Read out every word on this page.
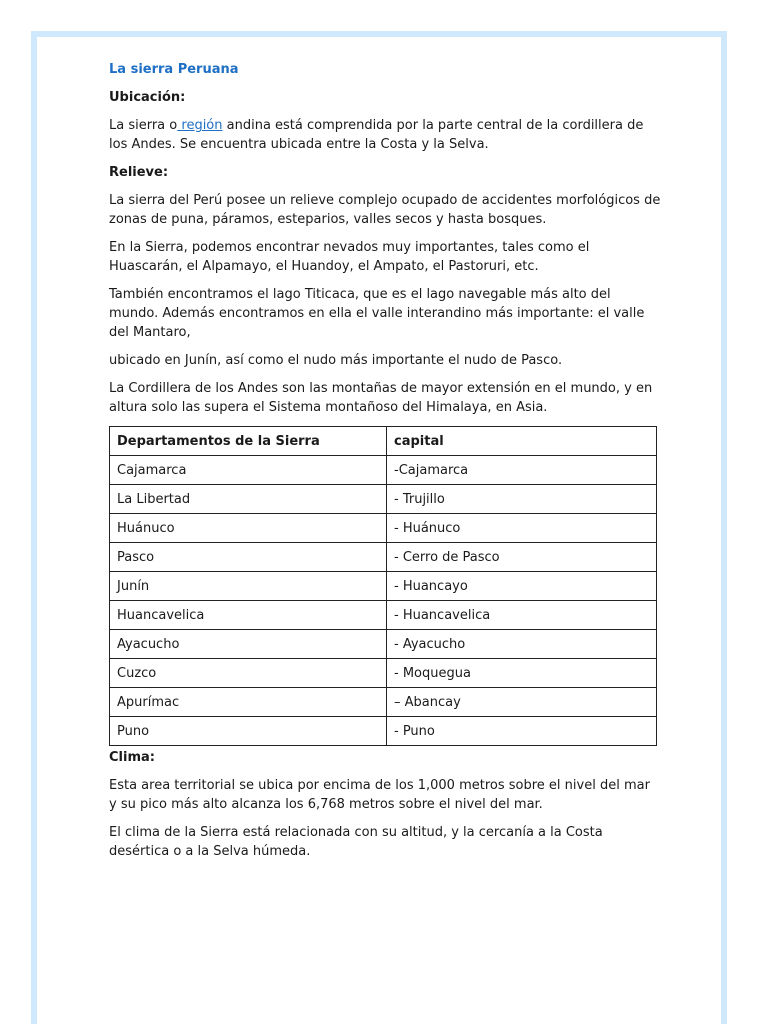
La sierra Peruana

Ubicación:

La sierra o región andina está comprendida por la parte central de la cordillera de los Andes. Se encuentra ubicada entre la Costa y la Selva.

Relieve:

La sierra del Perú posee un relieve complejo ocupado de accidentes morfológicos de zonas de puna, páramos, esteparios, valles secos y hasta bosques.

En la Sierra, podemos encontrar nevados muy importantes, tales como el Huascarán, el Alpamayo, el Huandoy, el Ampato, el Pastoruri, etc.

También encontramos el lago Titicaca, que es el lago navegable más alto del mundo. Además encontramos en ella el valle interandino más importante: el valle del Mantaro,

ubicado en Junín, así como el nudo más importante el nudo de Pasco.

La Cordillera de los Andes son las montañas de mayor extensión en el mundo, y en altura solo las supera el Sistema montañoso del Himalaya, en Asia.

Departamentos de la Sierra	capital
Cajamarca	-Cajamarca
La Libertad	- Trujillo
Huánuco	- Huánuco
Pasco	- Cerro de Pasco
Junín	- Huancayo
Huancavelica	- Huancavelica
Ayacucho	- Ayacucho
Cuzco	- Moquegua
Apurímac	– Abancay
Puno	- Puno

Clima:

Esta area territorial se ubica por encima de los 1,000 metros sobre el nivel del mar y su pico más alto alcanza los 6,768 metros sobre el nivel del mar.

El clima de la Sierra está relacionada con su altitud, y la cercanía a la Costa desértica o a la Selva húmeda.
